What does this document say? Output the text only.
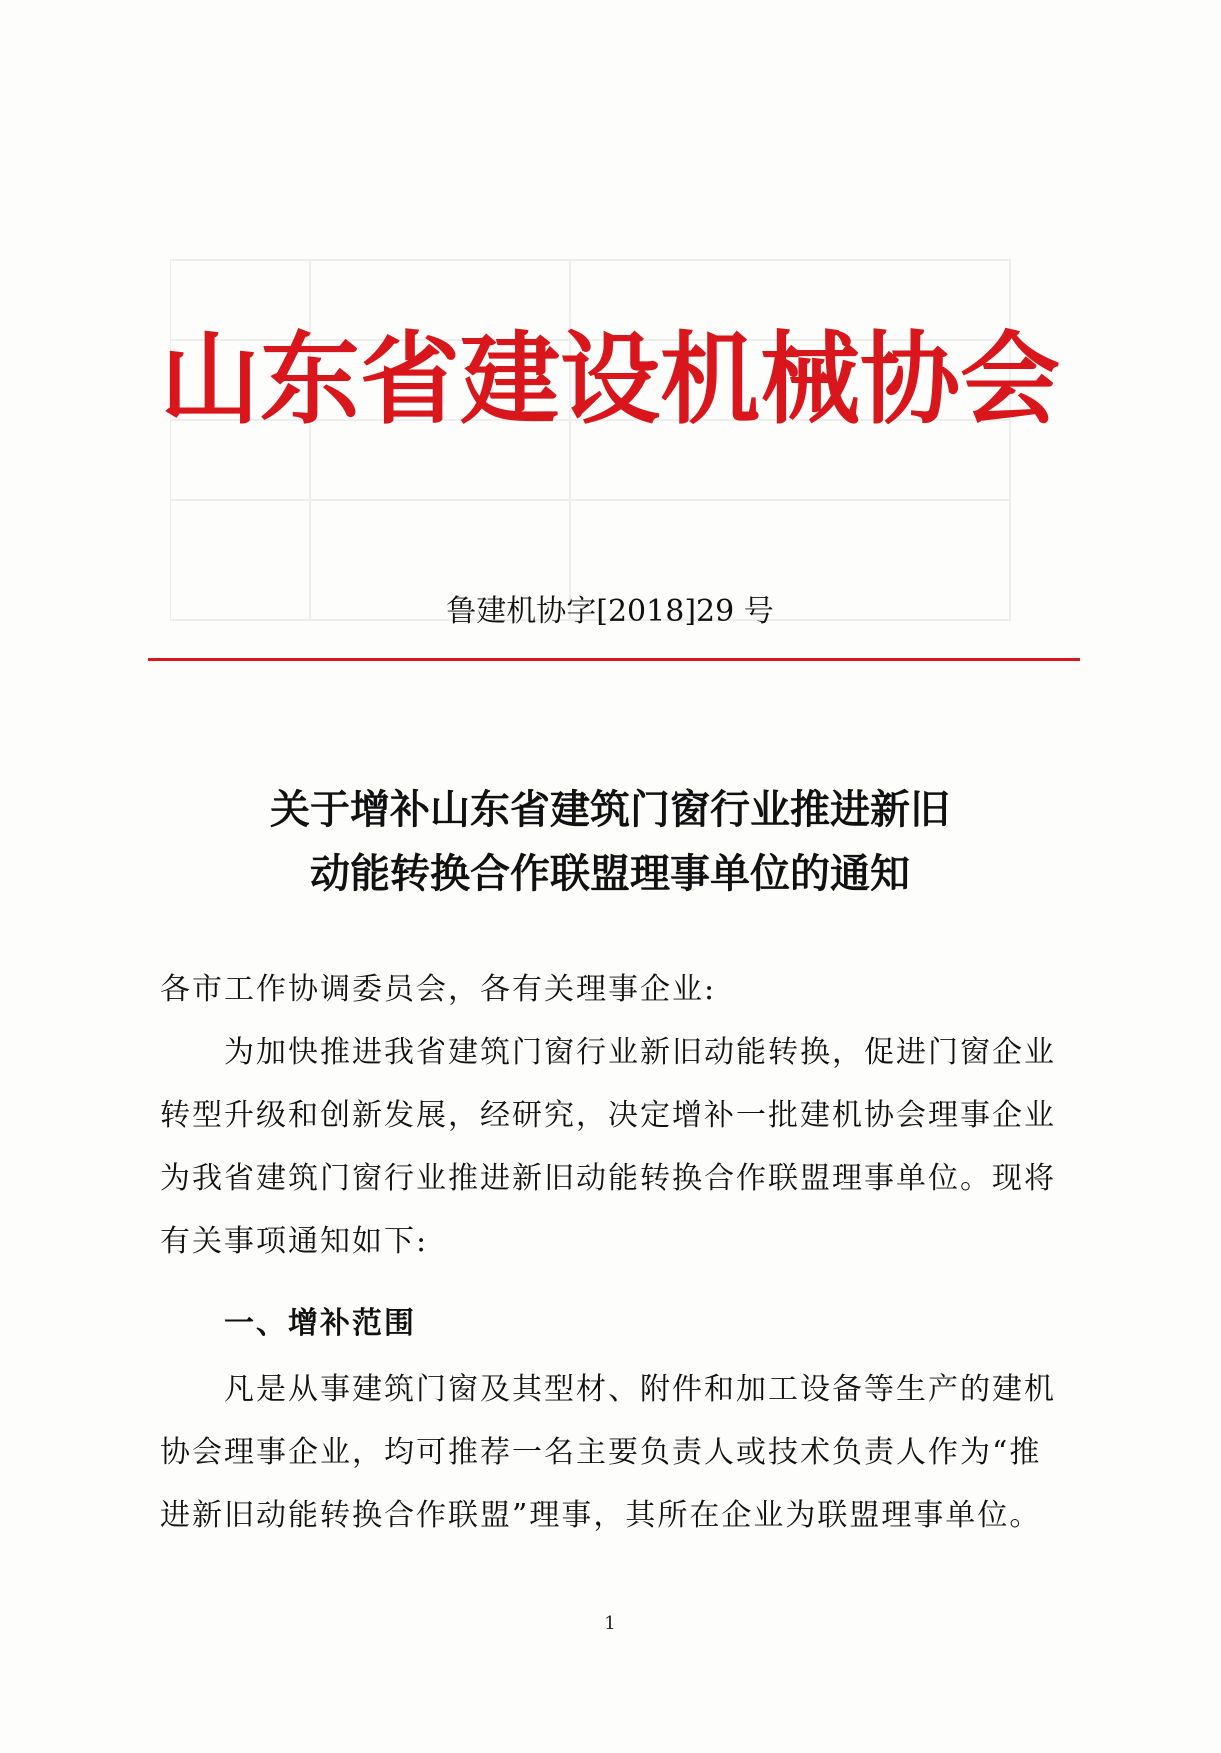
山东省建设机械协会
鲁建机协字[2018]29 号
关于增补山东省建筑门窗行业推进新旧
动能转换合作联盟理事单位的通知
各市工作协调委员会，各有关理事企业:
为加快推进我省建筑门窗行业新旧动能转换，促进门窗企业转型升级和创新发展，经研究，决定增补一批建机协会理事企业为我省建筑门窗行业推进新旧动能转换合作联盟理事单位。现将有关事项通知如下:
一、增补范围
凡是从事建筑门窗及其型材、附件和加工设备等生产的建机协会理事企业，均可推荐一名主要负责人或技术负责人作为“推进新旧动能转换合作联盟”理事，其所在企业为联盟理事单位。
1
